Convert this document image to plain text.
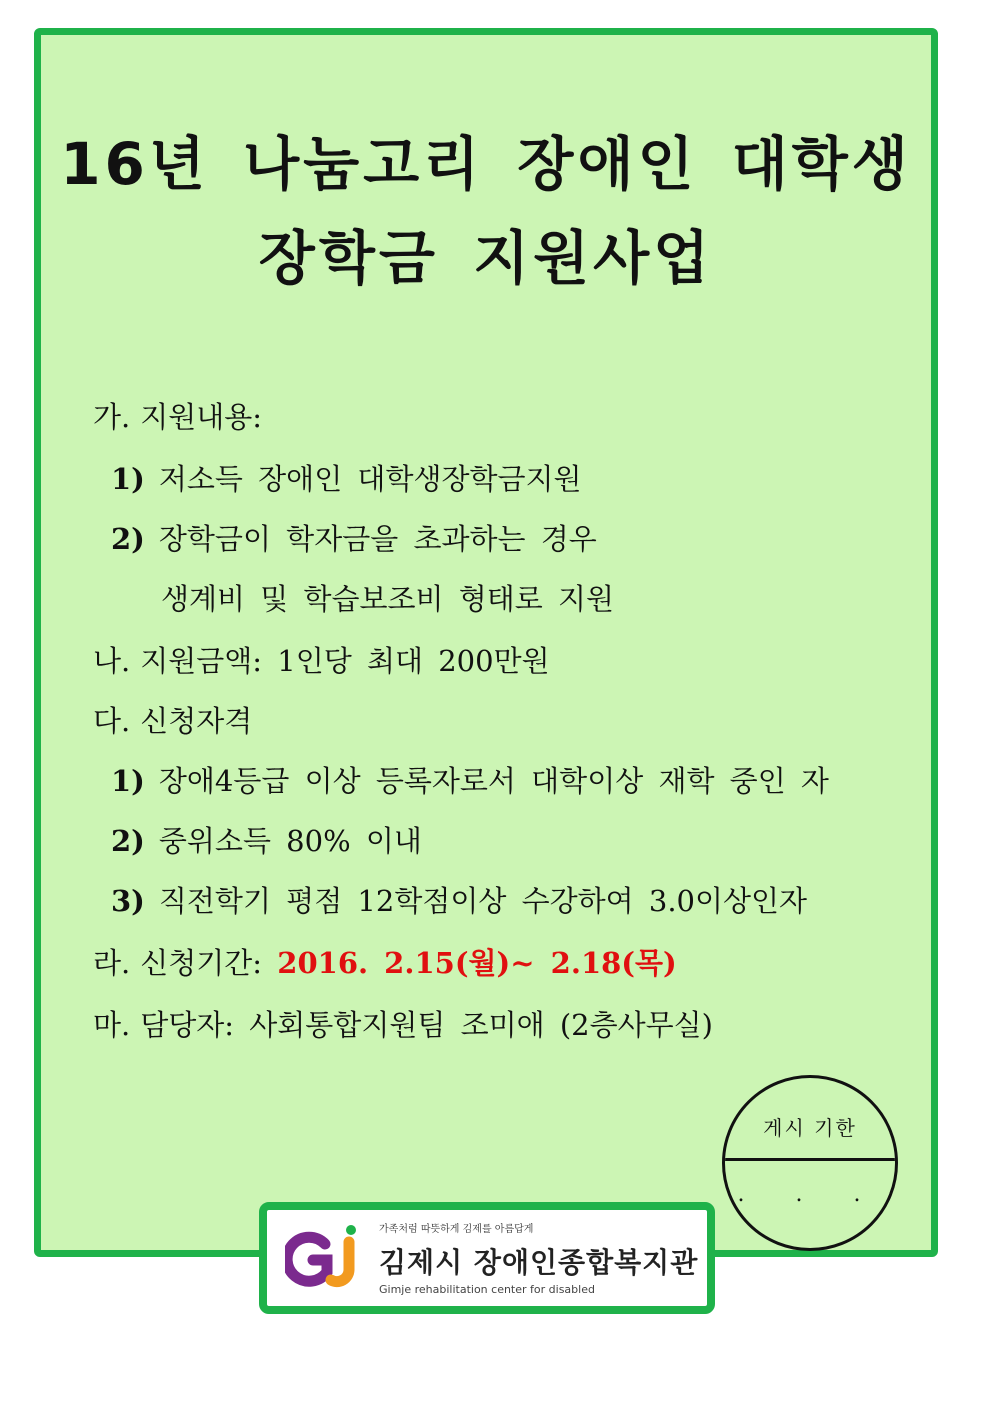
16년 나눔고리 장애인 대학생
장학금 지원사업
가. 지원내용:
1) 저소득 장애인 대학생장학금지원
2) 장학금이 학자금을 초과하는 경우
생계비 및 학습보조비 형태로 지원
나. 지원금액: 1인당 최대 200만원
다. 신청자격
1) 장애4등급 이상 등록자로서 대학이상 재학 중인 자
2) 중위소득 80% 이내
3) 직전학기 평점 12학점이상 수강하여 3.0이상인자
라. 신청기간: 2016. 2.15(월)~ 2.18(목)
마. 담당자: 사회통합지원팀 조미애 (2층사무실)
게시 기한
. . .
가족처럼 따뜻하게 김제를 아름답게
김제시 장애인종합복지관
Gimje rehabilitation center for disabled
